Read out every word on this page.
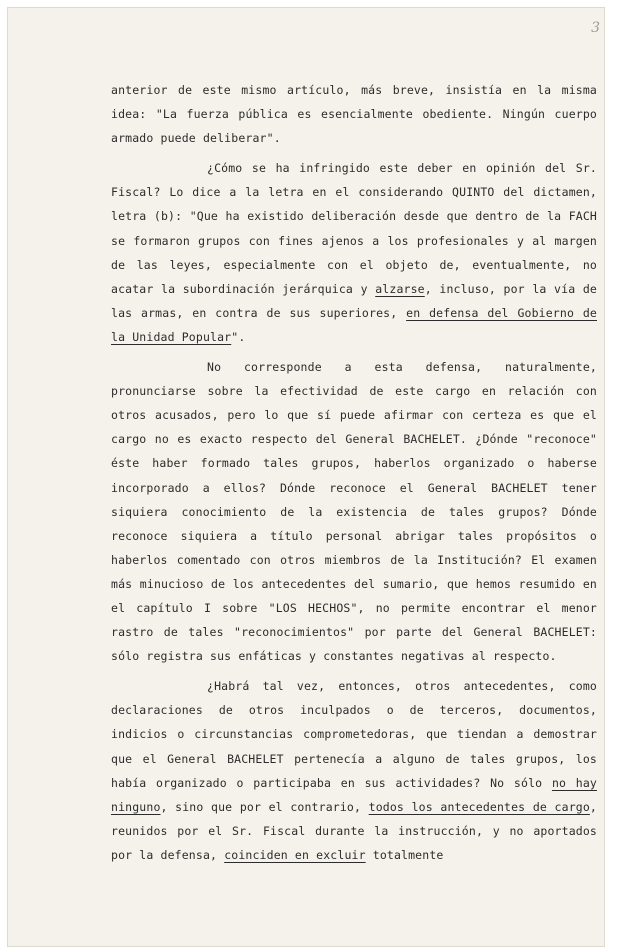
3

anterior de este mismo artículo, más breve, insistía en la misma idea: "La fuerza pública es esencialmente obediente. Ningún cuerpo armado puede deliberar".

¿Cómo se ha infringido este deber en opinión del Sr. Fiscal? Lo dice a la letra en el considerando QUINTO del dictamen, letra (b): "Que ha existido deliberación desde que dentro de la FACH se formaron grupos con fines ajenos a los profesionales y al margen de las leyes, especialmente con el objeto de, eventualmente, no acatar la subordinación jerárquica y alzarse, incluso, por la vía de las armas, en contra de sus superiores, en defensa del Gobierno de la Unidad Popular".

No corresponde a esta defensa, naturalmente, pronunciarse sobre la efectividad de este cargo en relación con otros acusados, pero lo que sí puede afirmar con certeza es que el cargo no es exacto respecto del General BACHELET. ¿Dónde "reconoce" éste haber formado tales grupos, haberlos organizado o haberse incorporado a ellos? Dónde reconoce el General BACHELET tener siquiera conocimiento de la existencia de tales grupos? Dónde reconoce siquiera a título personal abrigar tales propósitos o haberlos comentado con otros miembros de la Institución? El examen más minucioso de los antecedentes del sumario, que hemos resumido en el capítulo I sobre "LOS HECHOS", no permite encontrar el menor rastro de tales "reconocimientos" por parte del General BACHELET: sólo registra sus enfáticas y constantes negativas al respecto.

¿Habrá tal vez, entonces, otros antecedentes, como declaraciones de otros inculpados o de terceros, documentos, indicios o circunstancias comprometedoras, que tiendan a demostrar que el General BACHELET pertenecía a alguno de tales grupos, los había organizado o participaba en sus actividades? No sólo no hay ninguno, sino que por el contrario, todos los antecedentes de cargo, reunidos por el Sr. Fiscal durante la instrucción, y no aportados por la defensa, coinciden en excluir totalmente
